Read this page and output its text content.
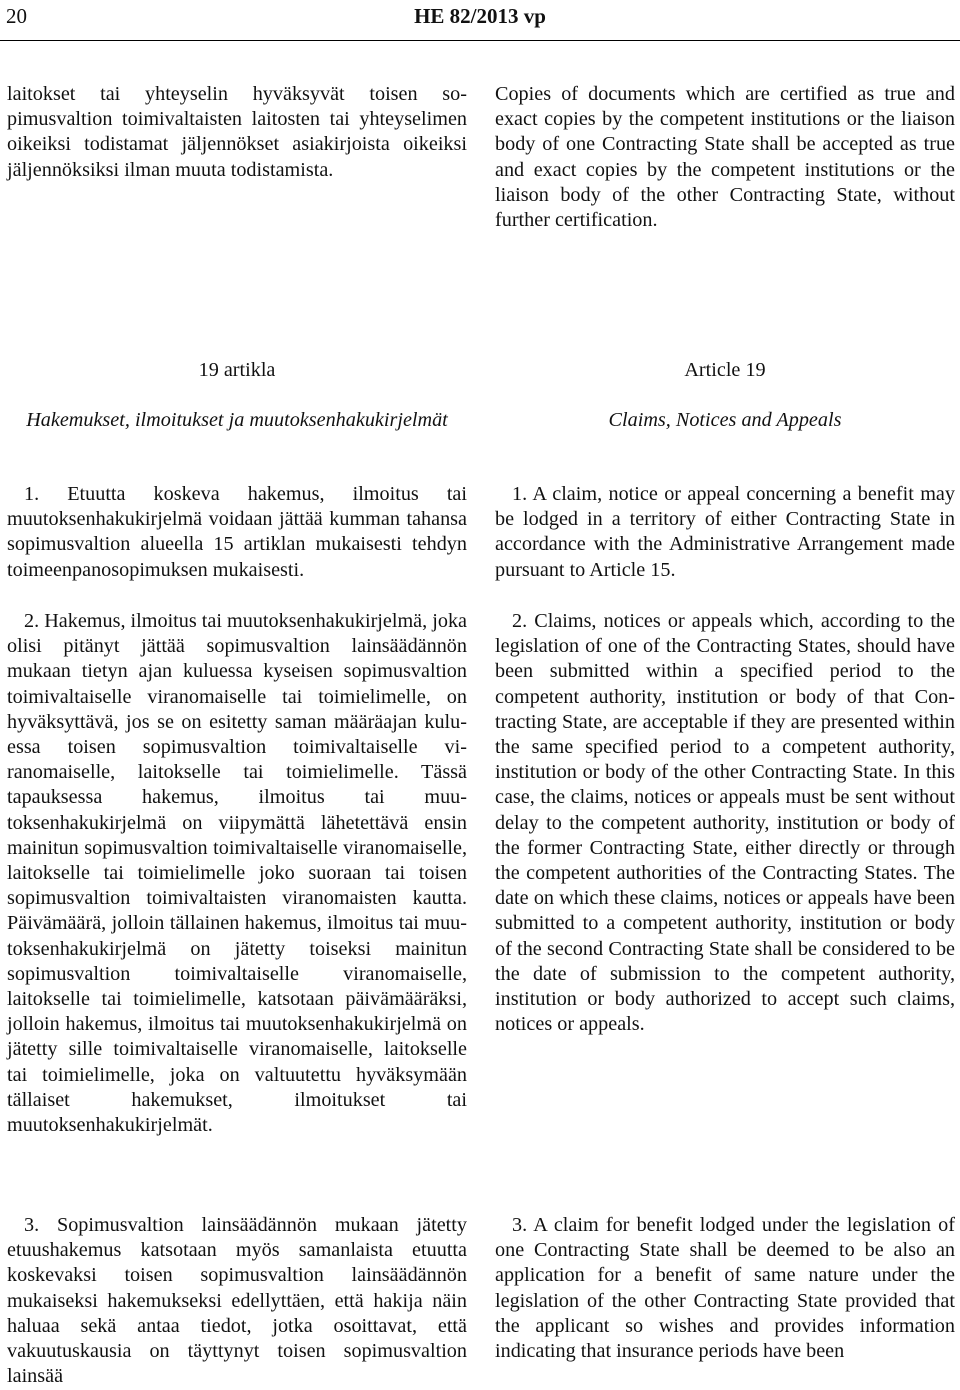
20	HE 82/2013 vp

laitokset tai yhteyselin hyväksyvät toisen sopimusvaltion toimivaltaisten laitosten tai yhteyselimen oikeiksi todistamat jäljennökset asiakirjoista oikeiksi jäljennöksiksi ilman muuta todistamista.

19 artikla

Hakemukset, ilmoitukset ja muutoksenhakukirjelmät

1. Etuutta koskeva hakemus, ilmoitus tai muutoksenhakukirjelmä voidaan jättää kumman tahansa sopimusvaltion alueella 15 artiklan mukaisesti tehdyn toimeenpanosopimuksen mukaisesti.

2. Hakemus, ilmoitus tai muutoksenhakukirjelmä, joka olisi pitänyt jättää sopimusvaltion lainsäädännön mukaan tietyn ajan kuluessa kyseisen sopimusvaltion toimivaltaiselle viranomaiselle tai toimielimelle, on hyväksyttävä, jos se on esitetty saman määräajan kuluessa toisen sopimusvaltion toimivaltaiselle viranomaiselle, laitokselle tai toimielimelle. Tässä tapauksessa hakemus, ilmoitus tai muutoksenhakukirjelmä on viipymättä lähetettävä ensin mainitun sopimusvaltion toimivaltaiselle viranomaiselle, laitokselle tai toimielimelle joko suoraan tai toisen sopimusvaltion toimivaltaisten viranomaisten kautta. Päivämäärä, jolloin tällainen hakemus, ilmoitus tai muutoksenhakukirjelmä on jätetty toiseksi mainitun sopimusvaltion toimivaltaiselle viranomaiselle, laitokselle tai toimielimelle, katsotaan päivämääräksi, jolloin hakemus, ilmoitus tai muutoksenhakukirjelmä on jätetty sille toimivaltaiselle viranomaiselle, laitokselle tai toimielimelle, joka on valtuutettu hyväksymään tällaiset hakemukset, ilmoitukset tai muutoksenhakukirjelmät.

3. Sopimusvaltion lainsäädännön mukaan jätetty etuushakemus katsotaan myös samanlaista etuutta koskevaksi toisen sopimusvaltion lainsäädännön mukaiseksi hakemukseksi edellyttäen, että hakija näin haluaa sekä antaa tiedot, jotka osoittavat, että vakuutuskausia on täyttynyt toisen sopimusvaltion lainsää

Copies of documents which are certified as true and exact copies by the competent institutions or the liaison body of one Contracting State shall be accepted as true and exact copies by the competent institutions or the liaison body of the other Contracting State, without further certification.

Article 19

Claims, Notices and Appeals

1. A claim, notice or appeal concerning a benefit may be lodged in a territory of either Contracting State in accordance with the Administrative Arrangement made pursuant to Article 15.

2. Claims, notices or appeals which, according to the legislation of one of the Contracting States, should have been submitted within a specified period to the competent authority, institution or body of that Contracting State, are acceptable if they are presented within the same specified period to a competent authority, institution or body of the other Contracting State. In this case, the claims, notices or appeals must be sent without delay to the competent authority, institution or body of the former Contracting State, either directly or through the competent authorities of the Contracting States. The date on which these claims, notices or appeals have been submitted to a competent authority, institution or body of the second Contracting State shall be considered to be the date of submission to the competent authority, institution or body authorized to accept such claims, notices or appeals.

3. A claim for benefit lodged under the legislation of one Contracting State shall be deemed to be also an application for a benefit of same nature under the legislation of the other Contracting State provided that the applicant so wishes and provides information indicating that insurance periods have been
